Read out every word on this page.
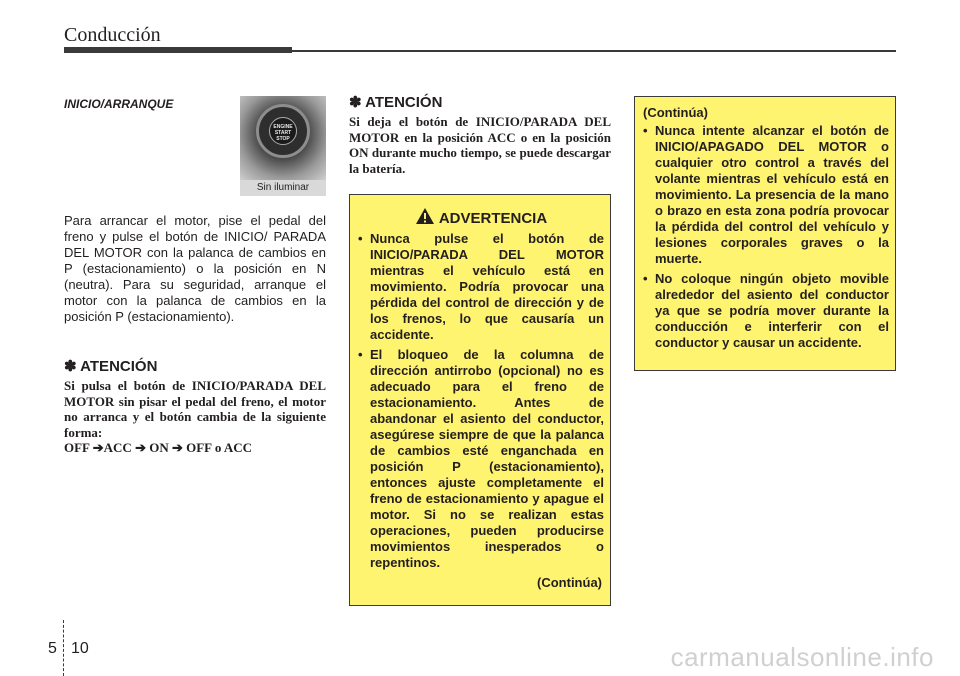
Conducción
INICIO/ARRANQUE
ENGINE
START
STOP
Sin iluminar
Para arrancar el motor, pise el pedal del freno y pulse el botón de INICIO/ PARADA DEL MOTOR con la palanca de cambios en P (estacionamiento) o la posición en N (neutra). Para su seguridad, arranque el motor con la palanca de cambios en la posición P (estacionamiento).
✽ ATENCIÓN
Si pulsa el botón de INICIO/PARADA DEL MOTOR sin pisar el pedal del freno, el motor no arranca y el botón cambia de la siguiente forma:
OFF ➔ACC ➔ ON ➔ OFF o ACC
✽ ATENCIÓN
Si deja el botón de INICIO/PARADA DEL MOTOR en la posición ACC o en la posición ON durante mucho tiempo, se puede descargar la batería.
ADVERTENCIA
• Nunca pulse el botón de INICIO/PARADA DEL MOTOR mientras el vehículo está en movimiento. Podría provocar una pérdida del control de dirección y de los frenos, lo que causaría un accidente.
• El bloqueo de la columna de dirección antirrobo (opcional) no es adecuado para el freno de estacionamiento. Antes de abandonar el asiento del conductor, asegúrese siempre de que la palanca de cambios esté enganchada en posición P (estacionamiento), entonces ajuste completamente el freno de estacionamiento y apague el motor. Si no se realizan estas operaciones, pueden producirse movimientos inesperados o repentinos.
(Continúa)
(Continúa)
• Nunca intente alcanzar el botón de INICIO/APAGADO DEL MOTOR o cualquier otro control a través del volante mientras el vehículo está en movimiento. La presencia de la mano o brazo en esta zona podría provocar la pérdida del control del vehículo y lesiones corporales graves o la muerte.
• No coloque ningún objeto movible alrededor del asiento del conductor ya que se podría mover durante la conducción e interferir con el conductor y causar un accidente.
5 10	carmanualsonline.info
